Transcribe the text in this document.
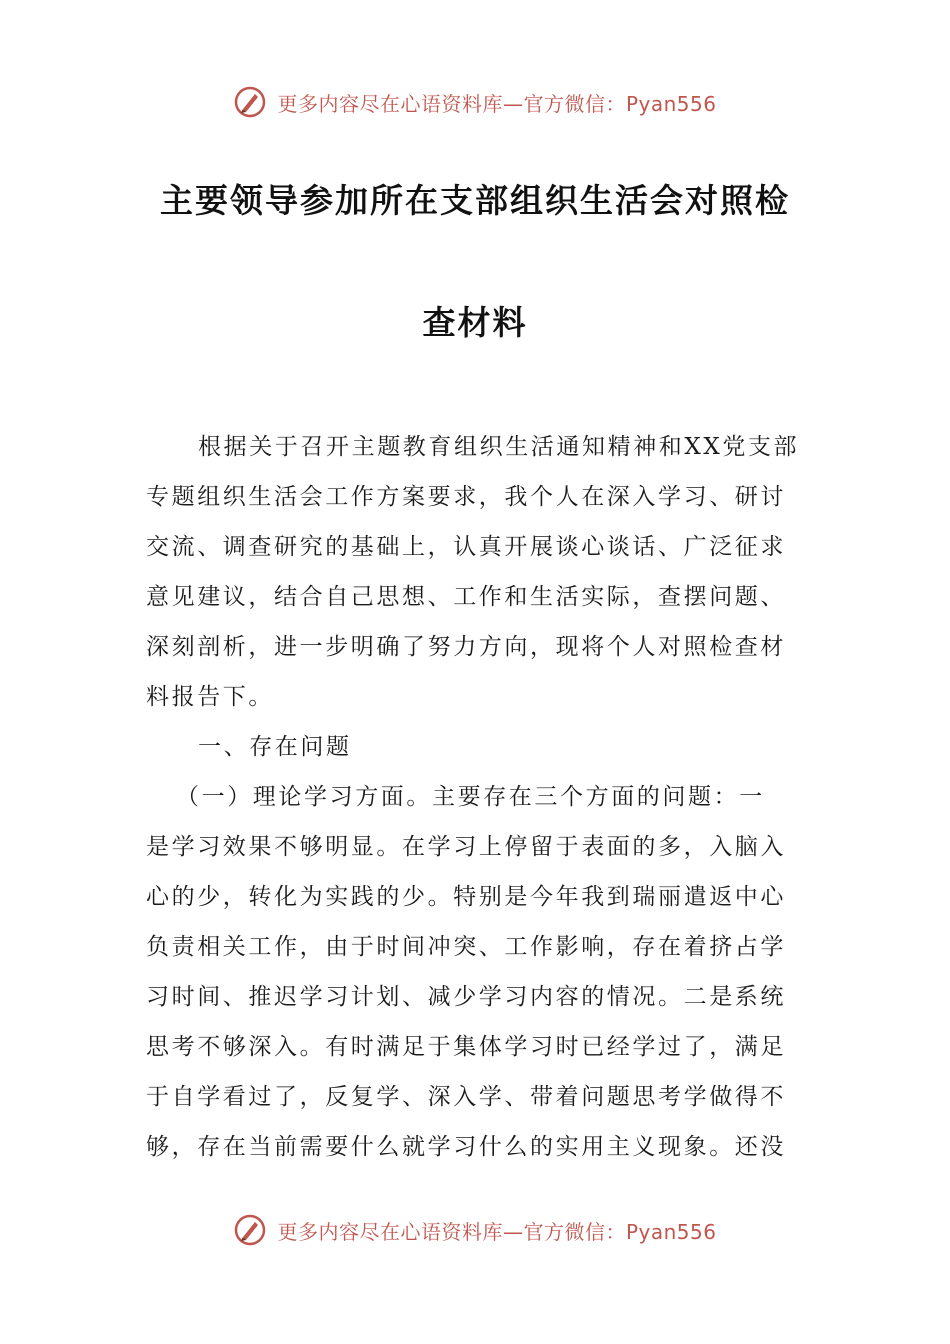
更多内容尽在心语资料库—官方微信：Pyan556
主要领导参加所在支部组织生活会对照检
查材料
根据关于召开主题教育组织生活通知精神和XX党支部
专题组织生活会工作方案要求，我个人在深入学习、研讨
交流、调查研究的基础上，认真开展谈心谈话、广泛征求
意见建议，结合自己思想、工作和生活实际，查摆问题、
深刻剖析，进一步明确了努力方向，现将个人对照检查材
料报告下。
一、存在问题
（一）理论学习方面。主要存在三个方面的问题：一
是学习效果不够明显。在学习上停留于表面的多，入脑入
心的少，转化为实践的少。特别是今年我到瑞丽遣返中心
负责相关工作，由于时间冲突、工作影响，存在着挤占学
习时间、推迟学习计划、减少学习内容的情况。二是系统
思考不够深入。有时满足于集体学习时已经学过了，满足
于自学看过了，反复学、深入学、带着问题思考学做得不
够，存在当前需要什么就学习什么的实用主义现象。还没
更多内容尽在心语资料库—官方微信：Pyan556
